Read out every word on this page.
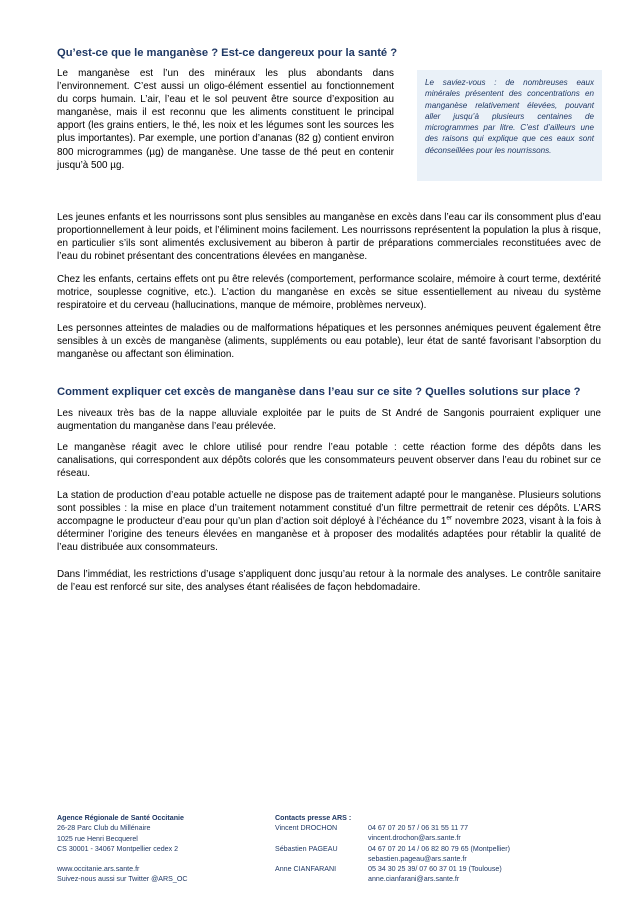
Qu’est-ce que le manganèse ? Est-ce dangereux pour la santé ?

Le manganèse est l’un des minéraux les plus abondants dans l’environnement. C’est aussi un oligo-élément essentiel au fonctionnement du corps humain. L’air, l’eau et le sol peuvent être source d’exposition au manganèse, mais il est reconnu que les aliments constituent le principal apport (les grains entiers, le thé, les noix et les légumes sont les sources les plus importantes). Par exemple, une portion d’ananas (82 g) contient environ 800 microgrammes (µg) de manganèse. Une tasse de thé peut en contenir jusqu’à 500 µg.

Le saviez-vous : de nombreuses eaux minérales présentent des concentrations en manganèse relativement élevées, pouvant aller jusqu’à plusieurs centaines de microgrammes par litre. C’est d’ailleurs une des raisons qui explique que ces eaux sont déconseillées pour les nourrissons.

Les jeunes enfants et les nourrissons sont plus sensibles au manganèse en excès dans l’eau car ils consomment plus d’eau proportionnellement à leur poids, et l’éliminent moins facilement. Les nourrissons représentent la population la plus à risque, en particulier s’ils sont alimentés exclusivement au biberon à partir de préparations commerciales reconstituées avec de l’eau du robinet présentant des concentrations élevées en manganèse.

Chez les enfants, certains effets ont pu être relevés (comportement, performance scolaire, mémoire à court terme, dextérité motrice, souplesse cognitive, etc.). L’action du manganèse en excès se situe essentiellement au niveau du système respiratoire et du cerveau (hallucinations, manque de mémoire, problèmes nerveux).

Les personnes atteintes de maladies ou de malformations hépatiques et les personnes anémiques peuvent également être sensibles à un excès de manganèse (aliments, suppléments ou eau potable), leur état de santé favorisant l’absorption du manganèse ou affectant son élimination.

Comment expliquer cet excès de manganèse dans l’eau sur ce site ? Quelles solutions sur place ?

Les niveaux très bas de la nappe alluviale exploitée par le puits de St André de Sangonis pourraient expliquer une augmentation du manganèse dans l’eau prélevée.

Le manganèse réagit avec le chlore utilisé pour rendre l’eau potable : cette réaction forme des dépôts dans les canalisations, qui correspondent aux dépôts colorés que les consommateurs peuvent observer dans l’eau du robinet sur ce réseau.

La station de production d’eau potable actuelle ne dispose pas de traitement adapté pour le manganèse. Plusieurs solutions sont possibles : la mise en place d’un traitement notamment constitué d’un filtre permettrait de retenir ces dépôts. L’ARS accompagne le producteur d’eau pour qu’un plan d’action soit déployé à l’échéance du 1er novembre 2023, visant à la fois à déterminer l’origine des teneurs élevées en manganèse et à proposer des modalités adaptées pour rétablir la qualité de l’eau distribuée aux consommateurs.

Dans l’immédiat, les restrictions d’usage s’appliquent donc jusqu’au retour à la normale des analyses. Le contrôle sanitaire de l’eau est renforcé sur site, des analyses étant réalisées de façon hebdomadaire.

Agence Régionale de Santé Occitanie
26-28 Parc Club du Millénaire
1025 rue Henri Becquerel
CS 30001 - 34067 Montpellier cedex 2
www.occitanie.ars.sante.fr
Suivez-nous aussi sur Twitter @ARS_OC
Contacts presse ARS :
Vincent DROCHON
Sébastien PAGEAU
Anne CIANFARANI
04 67 07 20 57 / 06 31 55 11 77
vincent.drochon@ars.sante.fr
04 67 07 20 14 / 06 82 80 79 65 (Montpellier)
sebastien.pageau@ars.sante.fr
05 34 30 25 39/ 07 60 37 01 19 (Toulouse)
anne.cianfarani@ars.sante.fr
